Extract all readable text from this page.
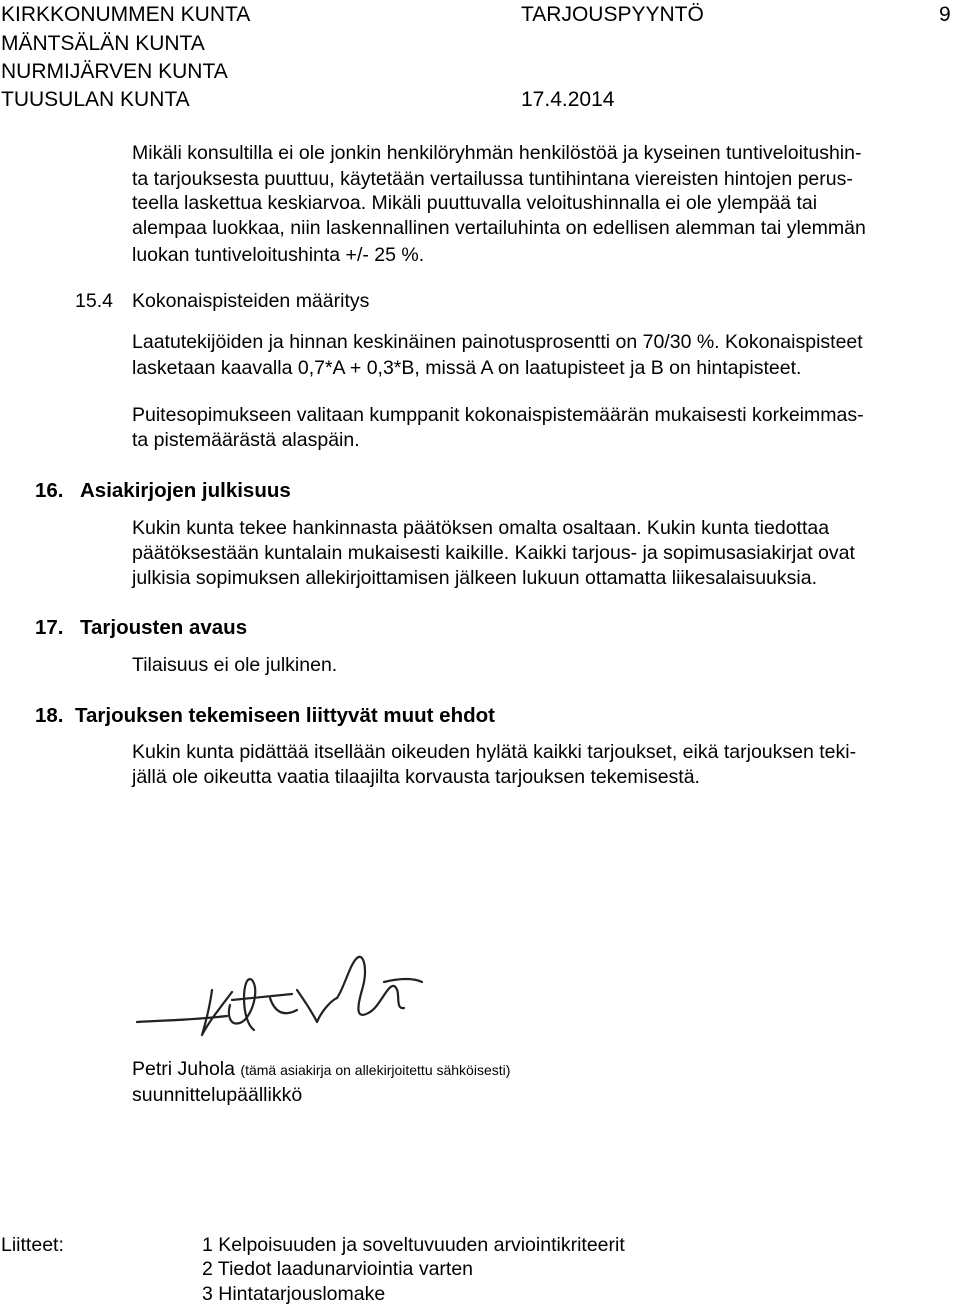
KIRKKONUMMEN KUNTA
MÄNTSÄLÄN KUNTA
NURMIJÄRVEN KUNTA
TUUSULAN KUNTA
TARJOUSPYYNTÖ
17.4.2014
9
Mikäli konsultilla ei ole jonkin henkilöryhmän henkilöstöä ja kyseinen tuntiveloitushin-
ta tarjouksesta puuttuu, käytetään vertailussa tuntihintana viereisten hintojen perus-
teella laskettua keskiarvoa. Mikäli puuttuvalla veloitushinnalla ei ole ylempää tai
alempaa luokkaa, niin laskennallinen vertailuhinta on edellisen alemman tai ylemmän
luokan tuntiveloitushinta +/- 25 %.
15.4 Kokonaispisteiden määritys
Laatutekijöiden ja hinnan keskinäinen painotusprosentti on 70/30 %. Kokonaispisteet
lasketaan kaavalla 0,7*A + 0,3*B, missä A on laatupisteet ja B on hintapisteet.
Puitesopimukseen valitaan kumppanit kokonaispistemäärän mukaisesti korkeimmas-
ta pistemäärästä alaspäin.
16. Asiakirjojen julkisuus
Kukin kunta tekee hankinnasta päätöksen omalta osaltaan. Kukin kunta tiedottaa
päätöksestään kuntalain mukaisesti kaikille. Kaikki tarjous- ja sopimusasiakirjat ovat
julkisia sopimuksen allekirjoittamisen jälkeen lukuun ottamatta liikesalaisuuksia.
17. Tarjousten avaus
Tilaisuus ei ole julkinen.
18. Tarjouksen tekemiseen liittyvät muut ehdot
Kukin kunta pidättää itsellään oikeuden hylätä kaikki tarjoukset, eikä tarjouksen teki-
jällä ole oikeutta vaatia tilaajilta korvausta tarjouksen tekemisestä.
Petri Juhola (tämä asiakirja on allekirjoitettu sähköisesti)
suunnittelupäällikkö
Liitteet:	1 Kelpoisuuden ja soveltuvuuden arviointikriteerit
2 Tiedot laadunarviointia varten
3 Hintatarjouslomake
